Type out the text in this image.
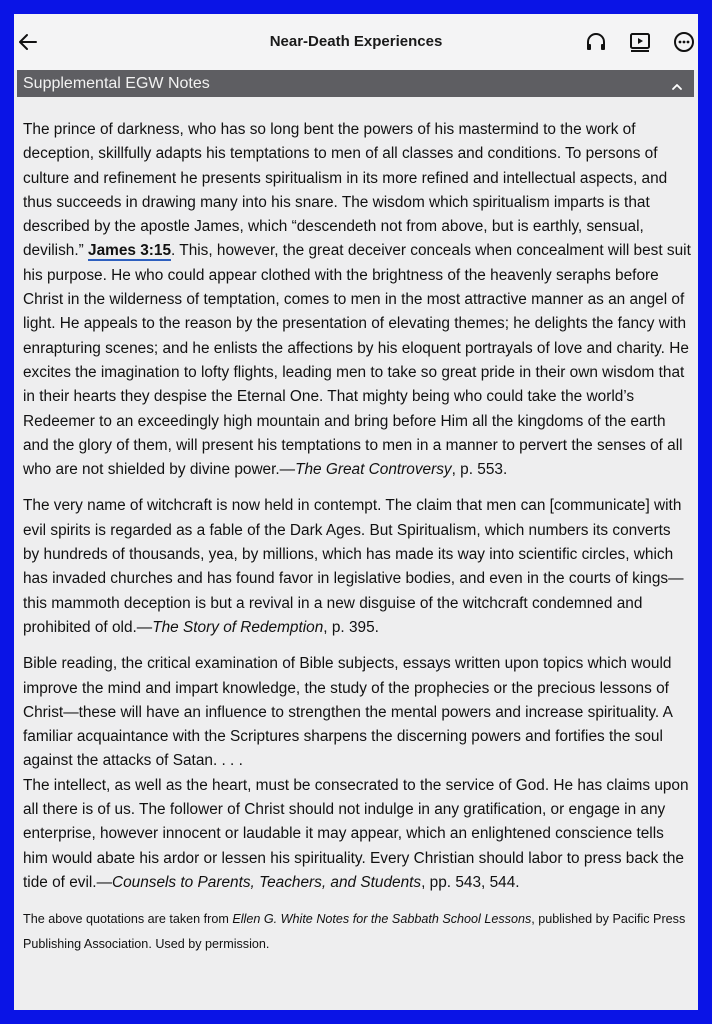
Near-Death Experiences
Supplemental EGW Notes

The prince of darkness, who has so long bent the powers of his mastermind to the work of deception, skillfully adapts his temptations to men of all classes and conditions. To persons of culture and refinement he presents spiritualism in its more refined and intellectual aspects, and thus succeeds in drawing many into his snare. The wisdom which spiritualism imparts is that described by the apostle James, which “descendeth not from above, but is earthly, sensual, devilish.” James 3:15. This, however, the great deceiver conceals when concealment will best suit his purpose. He who could appear clothed with the brightness of the heavenly seraphs before Christ in the wilderness of temptation, comes to men in the most attractive manner as an angel of light. He appeals to the reason by the presentation of elevating themes; he delights the fancy with enrapturing scenes; and he enlists the affections by his eloquent portrayals of love and charity. He excites the imagination to lofty flights, leading men to take so great pride in their own wisdom that in their hearts they despise the Eternal One. That mighty being who could take the world’s Redeemer to an exceedingly high mountain and bring before Him all the kingdoms of the earth and the glory of them, will present his temptations to men in a manner to pervert the senses of all who are not shielded by divine power.—The Great Controversy, p. 553.

The very name of witchcraft is now held in contempt. The claim that men can [communicate] with evil spirits is regarded as a fable of the Dark Ages. But Spiritualism, which numbers its converts by hundreds of thousands, yea, by millions, which has made its way into scientific circles, which has invaded churches and has found favor in legislative bodies, and even in the courts of kings—this mammoth deception is but a revival in a new disguise of the witchcraft condemned and prohibited of old.—The Story of Redemption, p. 395.

Bible reading, the critical examination of Bible subjects, essays written upon topics which would improve the mind and impart knowledge, the study of the prophecies or the precious lessons of Christ—these will have an influence to strengthen the mental powers and increase spirituality. A familiar acquaintance with the Scriptures sharpens the discerning powers and fortifies the soul against the attacks of Satan. . . .

The intellect, as well as the heart, must be consecrated to the service of God. He has claims upon all there is of us. The follower of Christ should not indulge in any gratification, or engage in any enterprise, however innocent or laudable it may appear, which an enlightened conscience tells him would abate his ardor or lessen his spirituality. Every Christian should labor to press back the tide of evil.—Counsels to Parents, Teachers, and Students, pp. 543, 544.

The above quotations are taken from Ellen G. White Notes for the Sabbath School Lessons, published by Pacific Press Publishing Association. Used by permission.
